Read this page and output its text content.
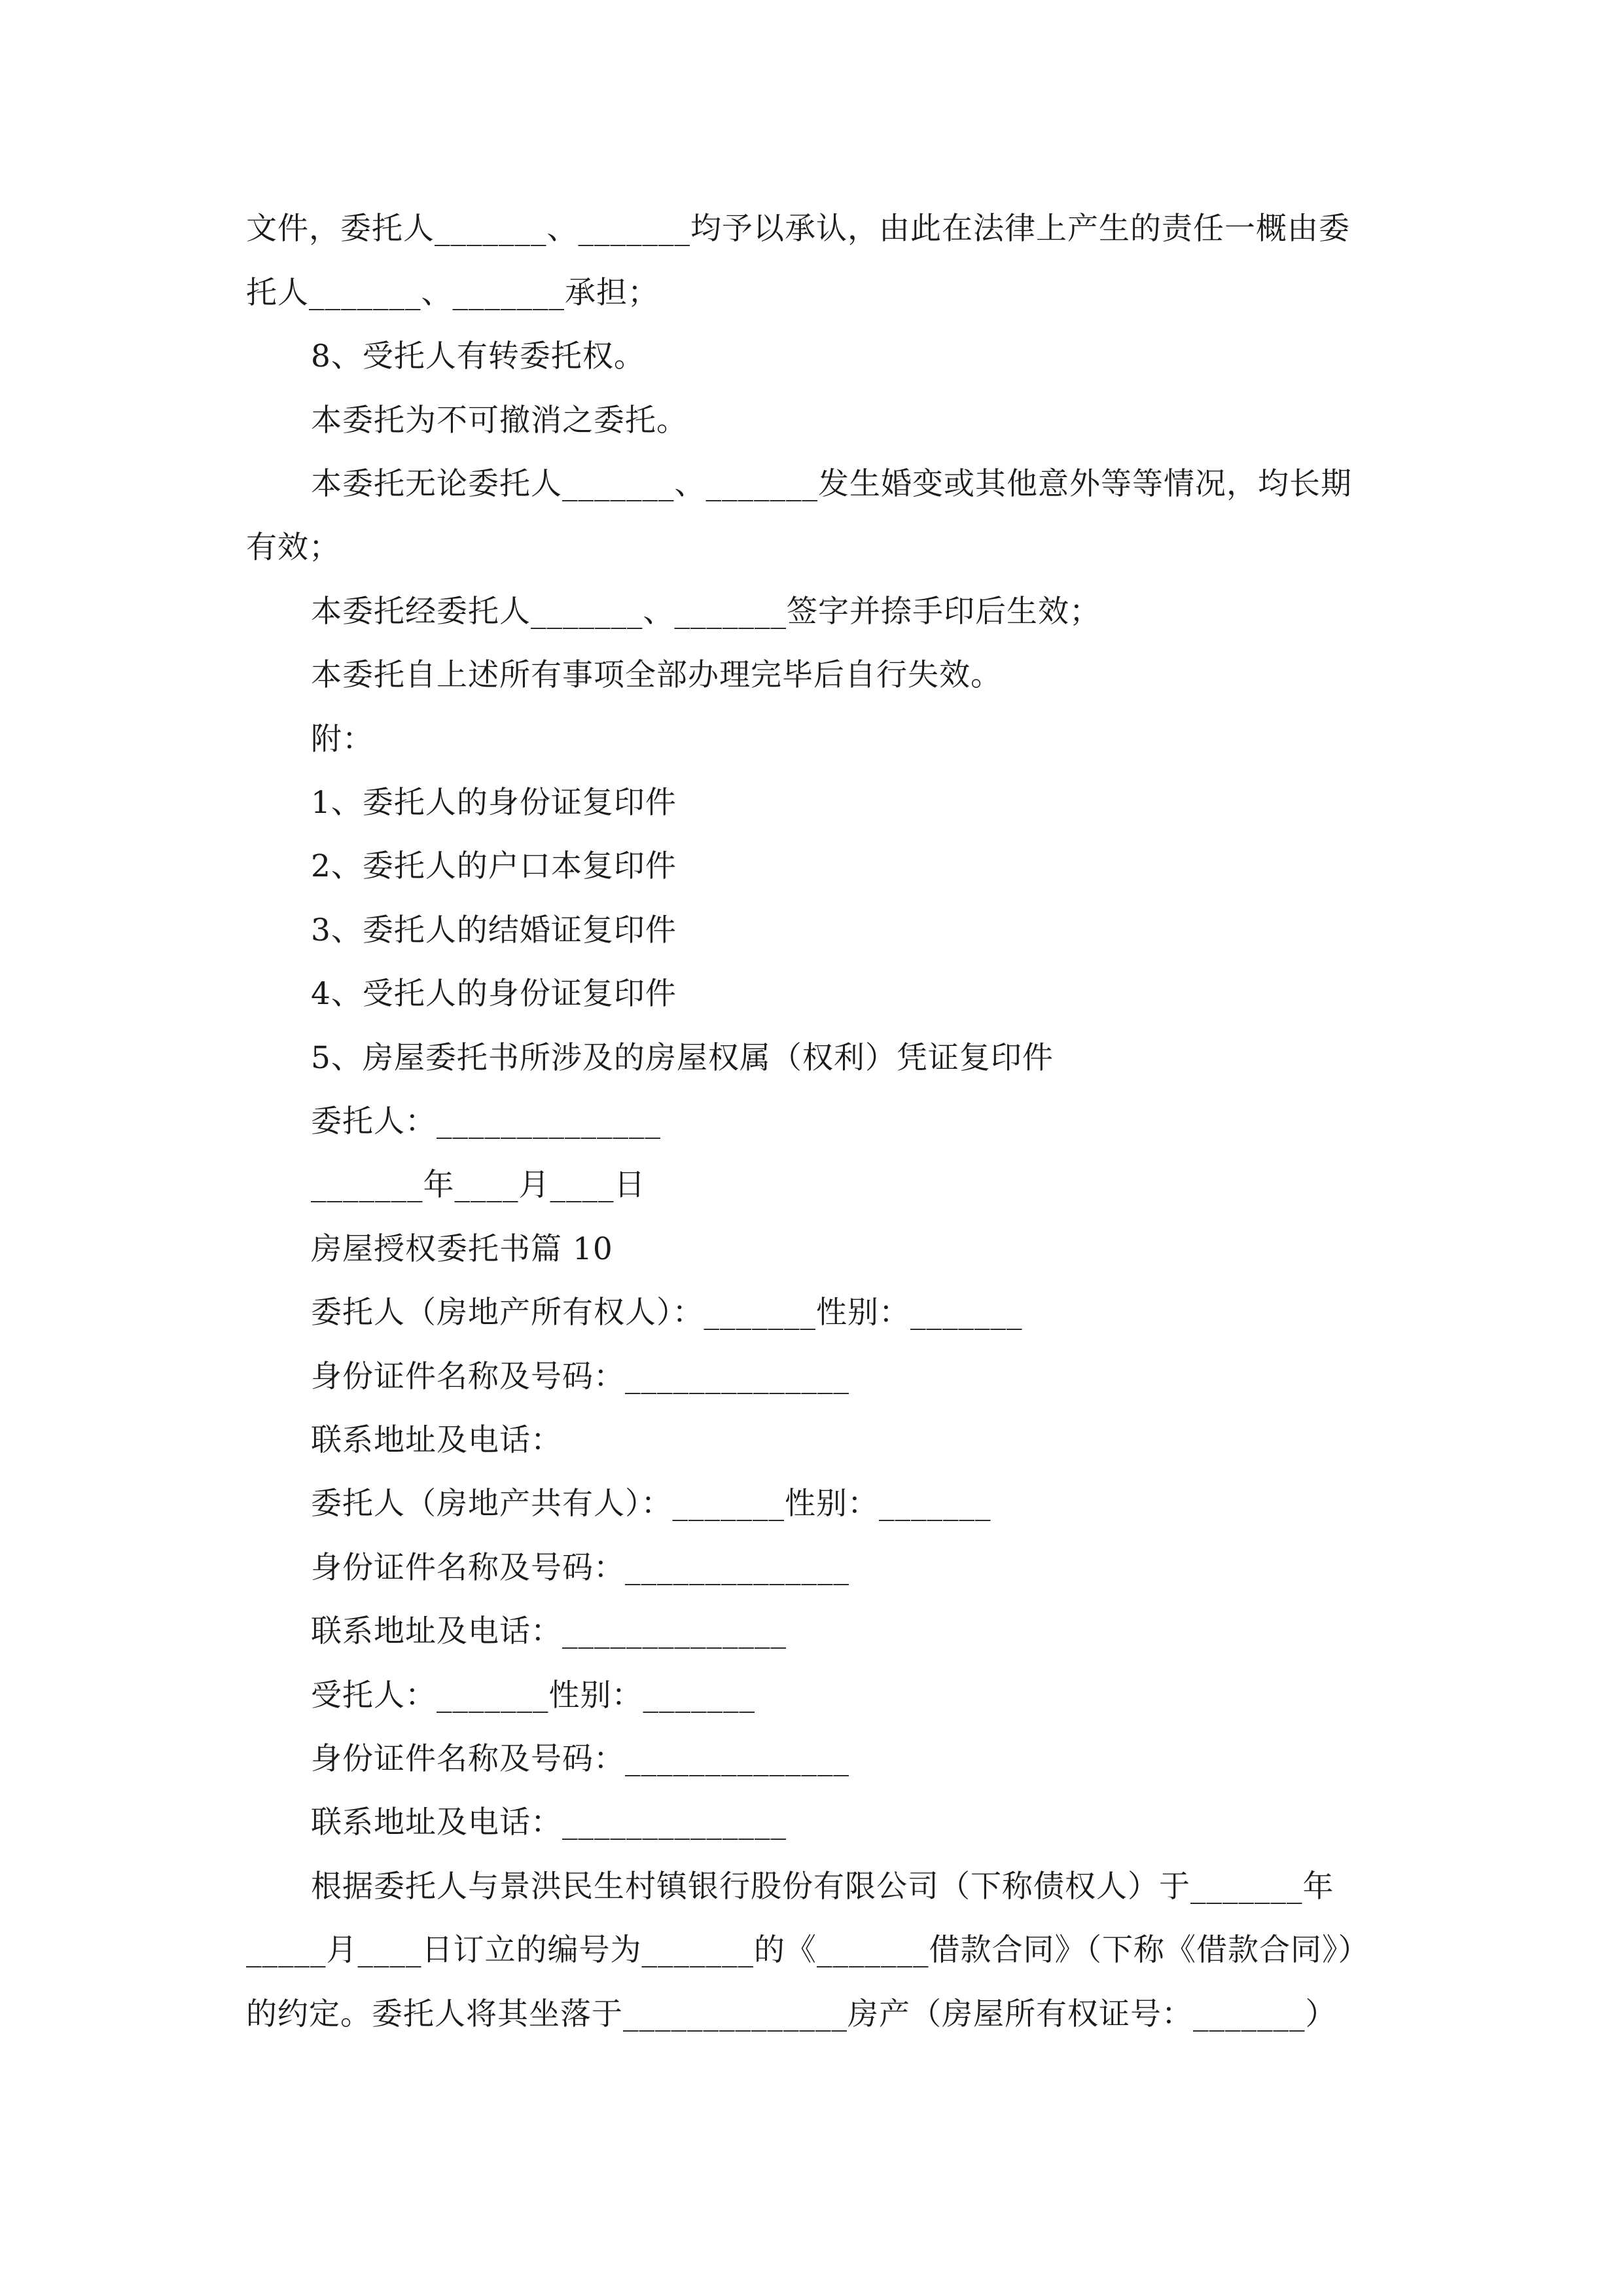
文件，委托人_______、_______均予以承认，由此在法律上产生的责任一概由委
托人_______、_______承担；
8、受托人有转委托权。
本委托为不可撤消之委托。
本委托无论委托人_______、_______发生婚变或其他意外等等情况，均长期
有效；
本委托经委托人_______、_______签字并捺手印后生效；
本委托自上述所有事项全部办理完毕后自行失效。
附：
1、委托人的身份证复印件
2、委托人的户口本复印件
3、委托人的结婚证复印件
4、受托人的身份证复印件
5、房屋委托书所涉及的房屋权属（权利）凭证复印件
委托人：______________
_______年____月____日
房屋授权委托书篇 10
委托人（房地产所有权人）：_______性别：_______
身份证件名称及号码：______________
联系地址及电话：
委托人（房地产共有人）：_______性别：_______
身份证件名称及号码：______________
联系地址及电话：______________
受托人：_______性别：_______
身份证件名称及号码：______________
联系地址及电话：______________
根据委托人与景洪民生村镇银行股份有限公司（下称债权人）于_______年
_____月____日订立的编号为_______的《_______借款合同》（下称《借款合同》）
的约定。委托人将其坐落于______________房产（房屋所有权证号：_______）
